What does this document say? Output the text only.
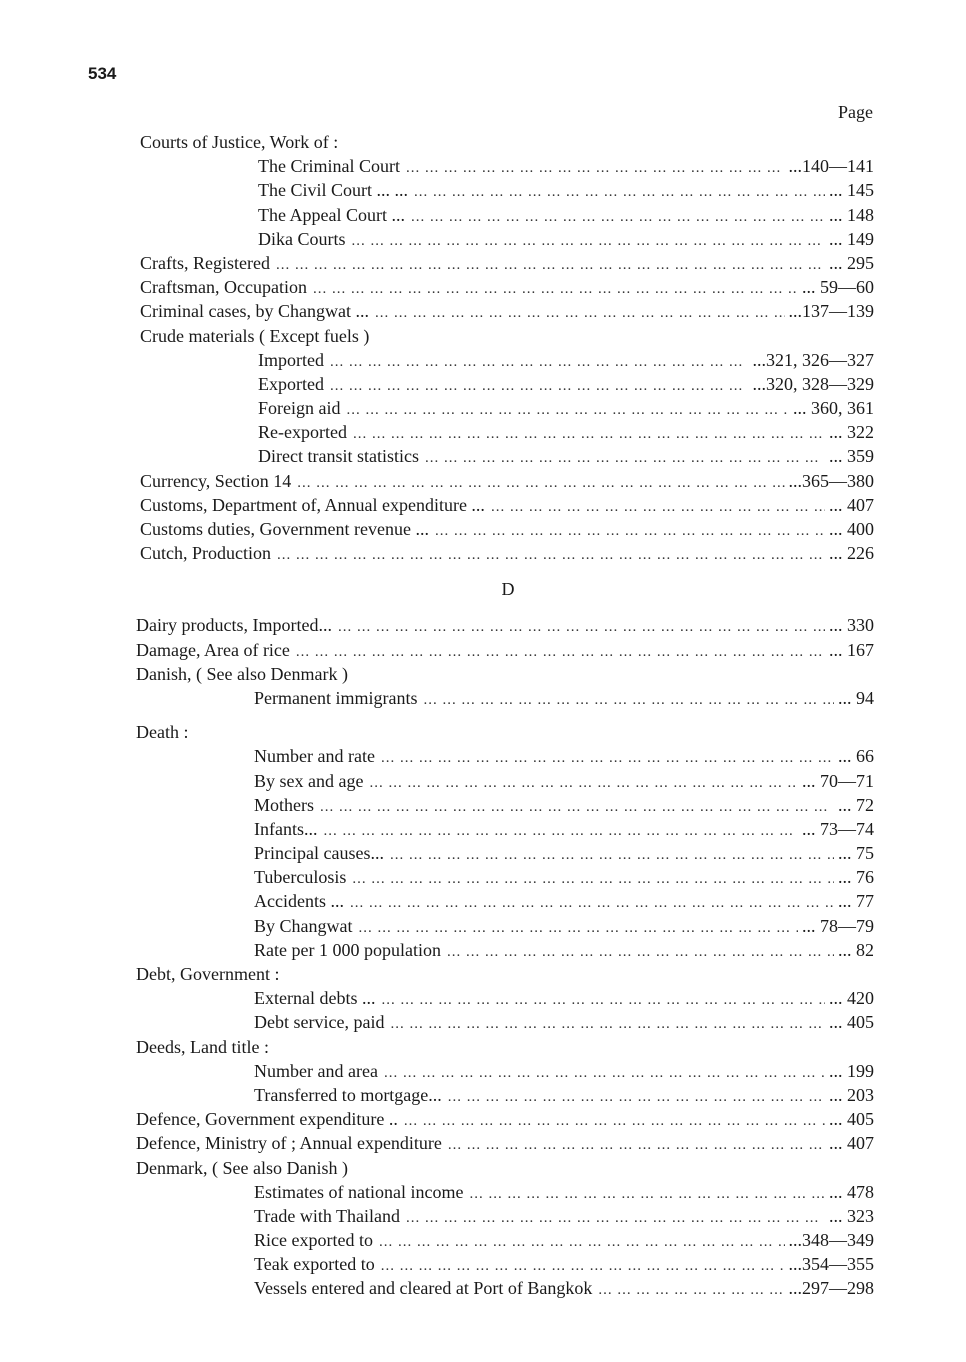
534
Page
Courts of Justice, Work of :
The Criminal Court ... .	...140—141
The Civil Court ... ... ... .	... 145
The Appeal Court ... ... .	... 148
Dika Courts ... .	... 149
Crafts, Registered ... .	... 295
Craftsman, Occupation ... .	... 59—60
Criminal cases, by Changwat ... ... .	...137—139
Crude materials ( Except fuels )
Imported ... .	...321, 326—327
Exported ... .	...320, 328—329
Foreign aid ... .	... 360, 361
Re-exported ... .	... 322
Direct transit statistics ... .	... 359
Currency, Section 14 ... .	...365—380
Customs, Department of, Annual expenditure ... ... .	... 407
Customs duties, Government revenue ... ... .	... 400
Cutch, Production ... .	... 226
D
Dairy products, Imported... ... .	... 330
Damage, Area of rice ... .	... 167
Danish, ( See also Denmark )
Permanent immigrants ... .	... 94
Death :
Number and rate ... .	... 66
By sex and age ... .	... 70—71
Mothers ... .	... 72
Infants... ... .	... 73—74
Principal causes... ... .	... 75
Tuberculosis ... .	... 76
Accidents ... ... .	... 77
By Changwat ... .	... 78—79
Rate per 1 000 population ... .	... 82
Debt, Government :
External debts ... ... .	... 420
Debt service, paid ... .	... 405
Deeds, Land title :
Number and area ... .	... 199
Transferred to mortgage... ... .	... 203
Defence, Government expenditure .. ... .	... 405
Defence, Ministry of ; Annual expenditure ... .	... 407
Denmark, ( See also Danish )
Estimates of national income ... .	... 478
Trade with Thailand ... .	... 323
Rice exported to ... .	...348—349
Teak exported to ... .	...354—355
Vessels entered and cleared at Port of Bangkok ... .	...297—298
